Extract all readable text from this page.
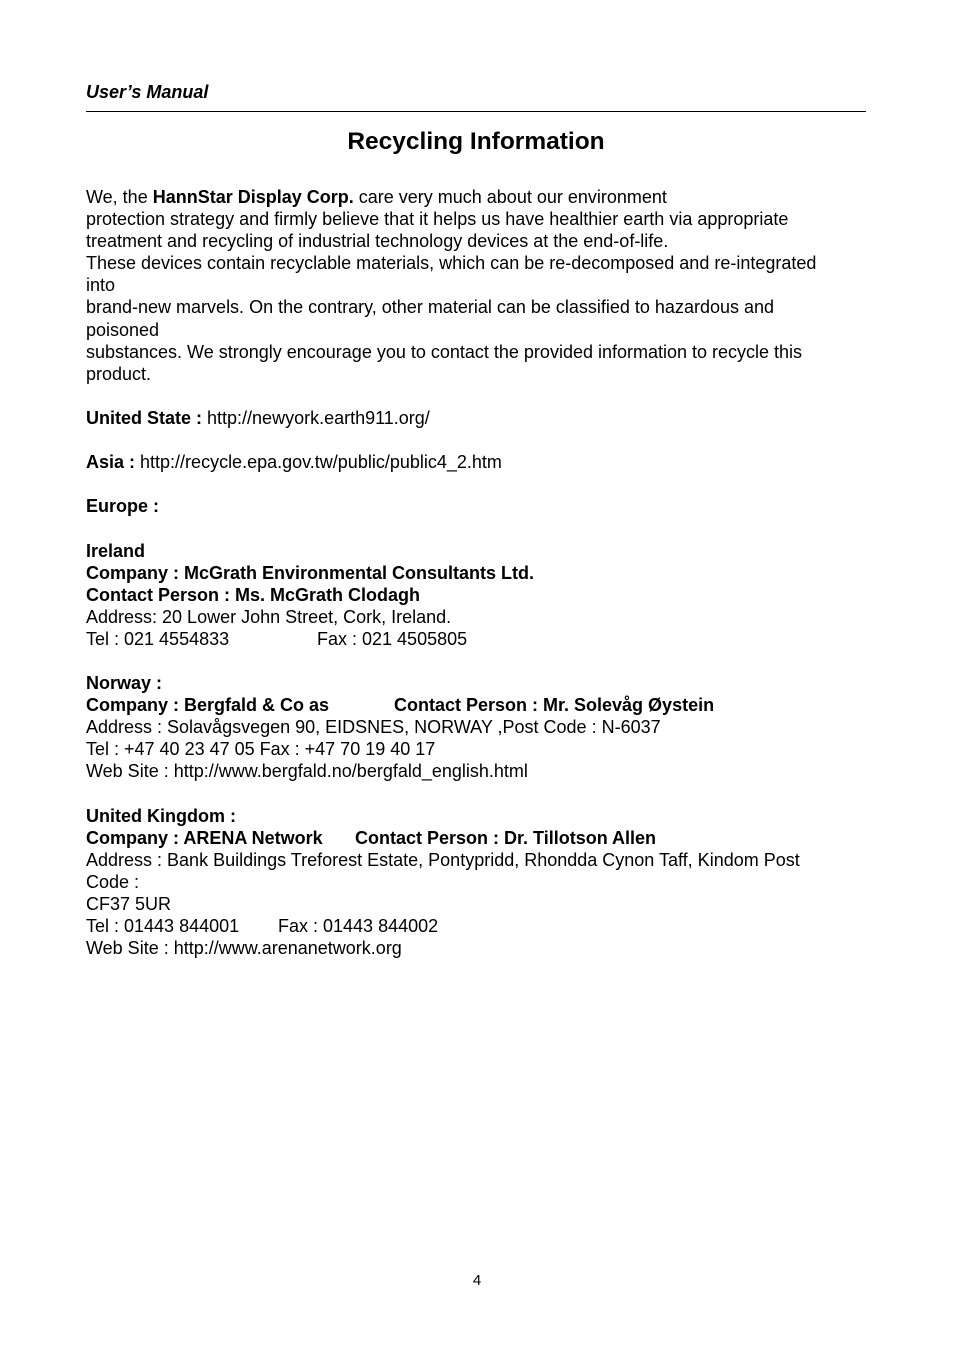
User’s Manual
Recycling Information
We, the HannStar Display Corp. care very much about our environment
protection strategy and firmly believe that it helps us have healthier earth via appropriate
treatment and recycling of industrial technology devices at the end-of-life.
These devices contain recyclable materials, which can be re-decomposed and re-integrated
into
brand-new marvels. On the contrary, other material can be classified to hazardous and
poisoned
substances. We strongly encourage you to contact the provided information to recycle this
product.
United State : http://newyork.earth911.org/
Asia : http://recycle.epa.gov.tw/public/public4_2.htm
Europe :
Ireland
Company : McGrath Environmental Consultants Ltd.
Contact Person : Ms. McGrath Clodagh
Address: 20 Lower John Street, Cork, Ireland.
Tel : 021 4554833	Fax : 021 4505805
Norway :
Company : Bergfald & Co as	Contact Person : Mr. Solevåg Øystein
Address : Solavågsvegen 90, EIDSNES, NORWAY ,Post Code : N-6037
Tel : +47 40 23 47 05 Fax : +47 70 19 40 17
Web Site : http://www.bergfald.no/bergfald_english.html
United Kingdom :
Company : ARENA Network Contact Person : Dr. Tillotson Allen
Address : Bank Buildings Treforest Estate, Pontypridd, Rhondda Cynon Taff, Kindom Post
Code :
CF37 5UR
Tel : 01443 844001 Fax : 01443 844002
Web Site : http://www.arenanetwork.org
4
